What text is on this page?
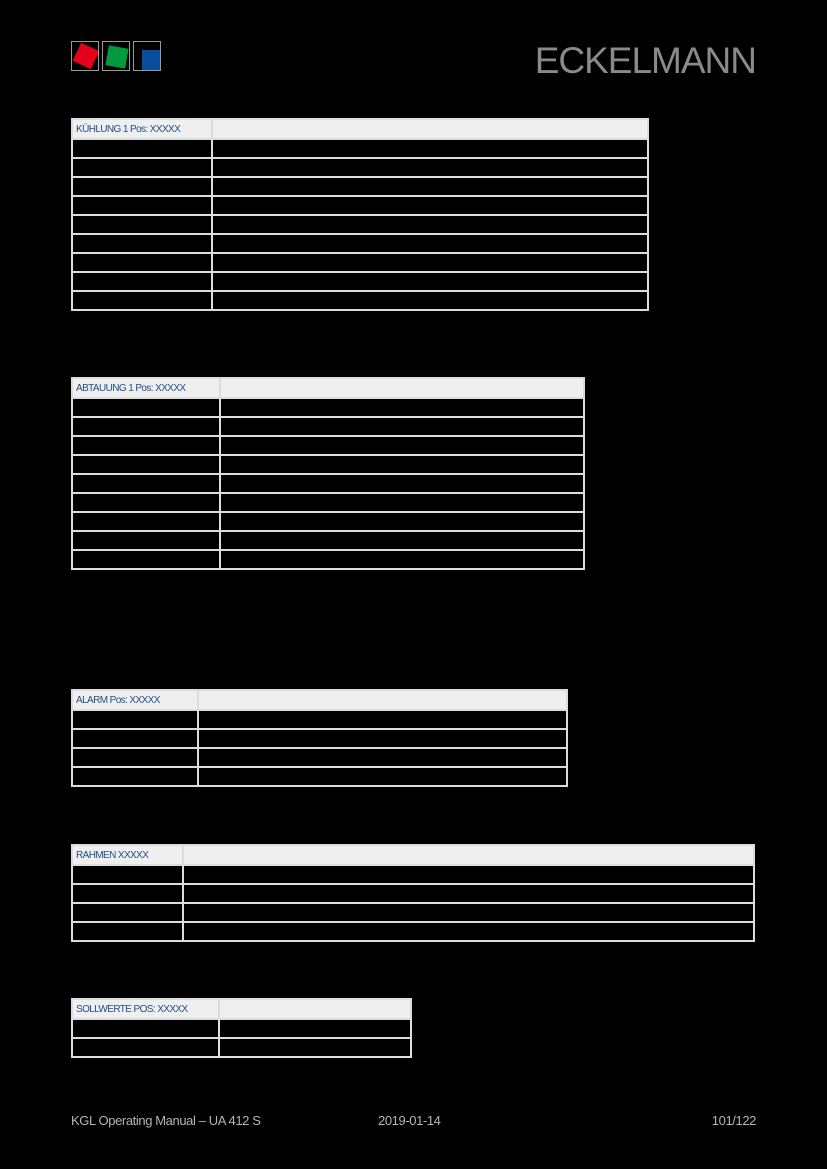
ECKELMANN
KÜHLUNG 1 Pos: XXXXX	

ABTAUUNG 1 Pos: XXXXX	

ALARM Pos: XXXXX	

RAHMEN XXXXX	

SOLLWERTE POS: XXXXX	

KGL Operating Manual – UA 412 S	2019-01-14	101/122
